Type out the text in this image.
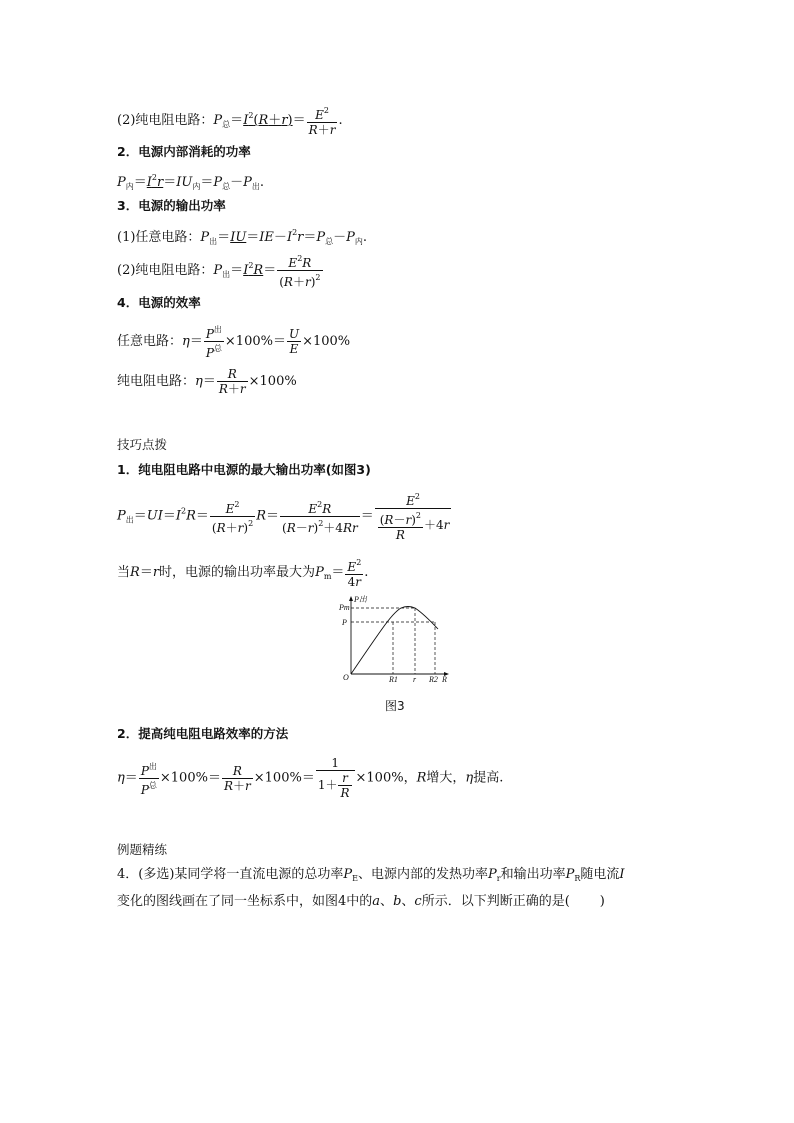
(2)纯电阻电路：$P_总=I^2(R+r)= \frac{E^2}{R+r}$ .
2．电源内部消耗的功率
$P_内=I^2r=IU_内=P_总-P_出$.
3．电源的输出功率
(1)任意电路：$P_出=IU=IE-I^2r=P_总-P_内$.
(2)纯电阻电路：$P_出=I^2R= \frac{E^2R}{(R+r)^2}$
4．电源的效率
任意电路：$\eta= \frac{P^出}{P^总} \times 100\%= \frac{U}{E} \times 100\%$
纯电阻电路：$\eta= \frac{R}{R+r} \times 100\%$
技巧点拨
1．纯电阻电路中电源的最大输出功率(如图3)
$P_出=UI=I^2R= \frac{E^2}{(R+r)^2} R= \frac{E^2R}{(R-r)^2+4Rr} = \frac{E^2}{\frac{(R-r)^2}{R} +4r}$
当R＝r时，电源的输出功率最大为$P_m= \frac{E^2}{4r}$ .
P出
Pm
P
O	R1 r R2 R
图3
2．提高纯电阻电路效率的方法
$\eta= \frac{P^出}{P^总} \times 100\%= \frac{R}{R+r} \times 100\%= \frac{1}{1+ \frac{r}{R}} \times 100\%$，R增大，η提高.
例题精练
4．(多选)某同学将一直流电源的总功率$P_E$、电源内部的发热功率$P_r$和输出功率$P_R$随电流I
变化的图线画在了同一坐标系中，如图4中的a、b、c所示．以下判断正确的是( )
